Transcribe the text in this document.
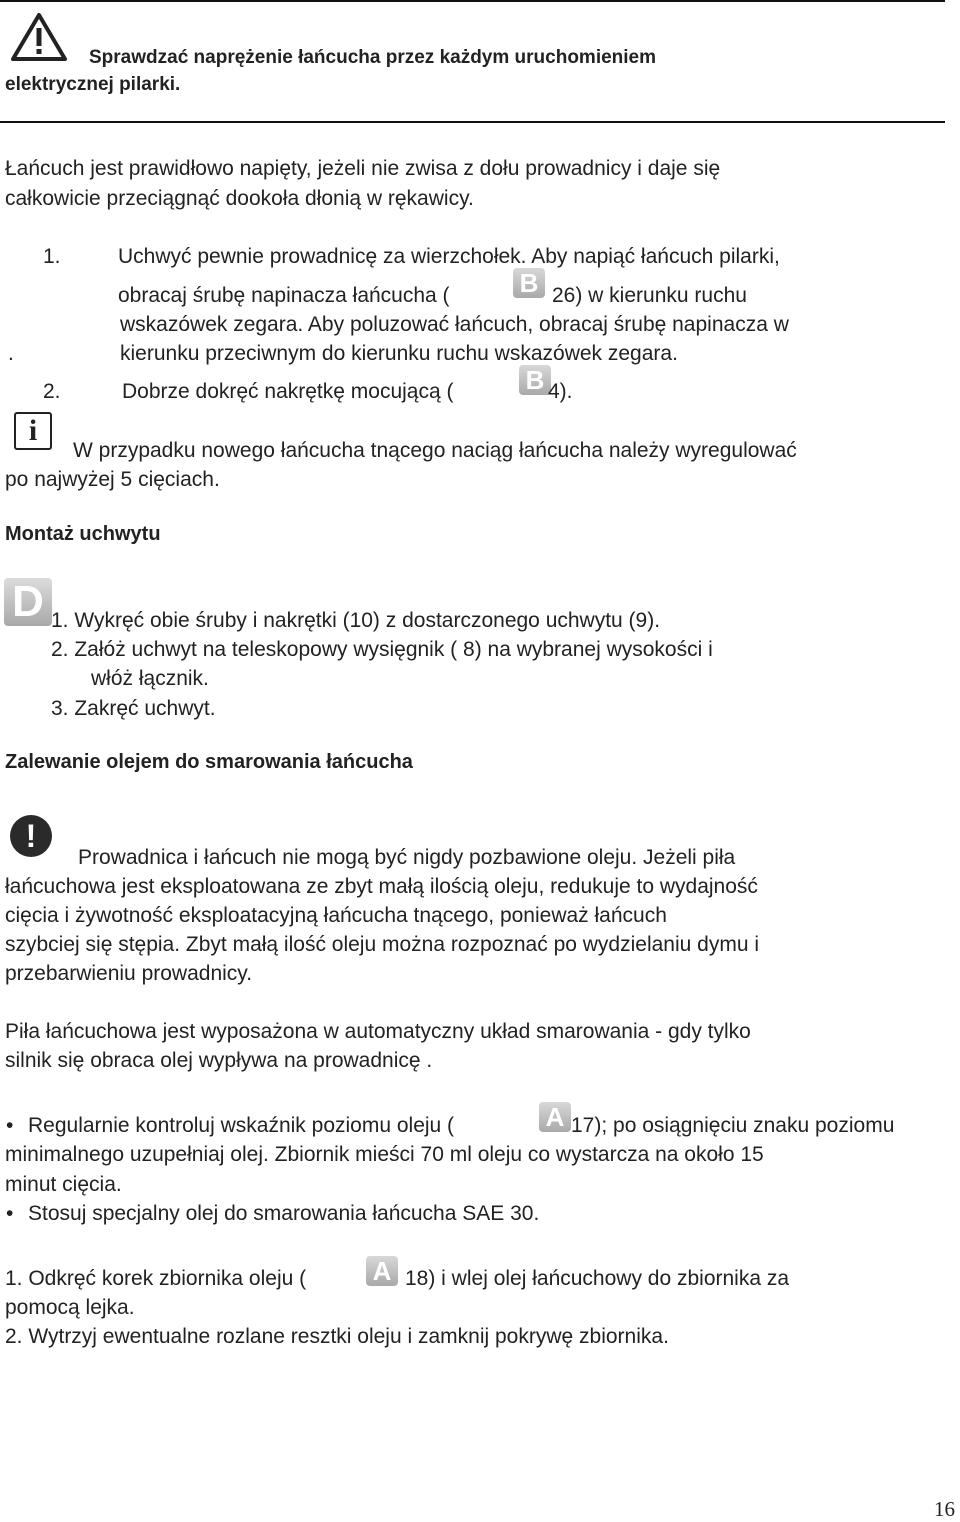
Sprawdzać naprężenie łańcucha przez każdym uruchomieniem
elektrycznej pilarki.
Łańcuch jest prawidłowo napięty, jeżeli nie zwisa z dołu prowadnicy i daje się
całkowicie przeciągnąć dookoła dłonią w rękawicy.
1.	Uchwyć pewnie prowadnicę za wierzchołek. Aby napiąć łańcuch pilarki,
obracaj śrubę napinacza łańcucha (	B 26) w kierunku ruchu
wskazówek zegara. Aby poluzować łańcuch, obracaj śrubę napinacza w
.	kierunku przeciwnym do kierunku ruchu wskazówek zegara.
2.	Dobrze dokręć nakrętkę mocującą (	B 4).
i
W przypadku nowego łańcucha tnącego naciąg łańcucha należy wyregulować
po najwyżej 5 cięciach.
Montaż uchwytu
D 1. Wykręć obie śruby i nakrętki (10) z dostarczonego uchwytu (9).
2. Załóż uchwyt na teleskopowy wysięgnik ( 8) na wybranej wysokości i
włóż łącznik.
3. Zakręć uchwyt.
Zalewanie olejem do smarowania łańcucha
!
Prowadnica i łańcuch nie mogą być nigdy pozbawione oleju. Jeżeli piła
łańcuchowa jest eksploatowana ze zbyt małą ilością oleju, redukuje to wydajność
cięcia i żywotność eksploatacyjną łańcucha tnącego, ponieważ łańcuch
szybciej się stępia. Zbyt małą ilość oleju można rozpoznać po wydzielaniu dymu i
przebarwieniu prowadnicy.
Piła łańcuchowa jest wyposażona w automatyczny układ smarowania - gdy tylko
silnik się obraca olej wypływa na prowadnicę .
• Regularnie kontroluj wskaźnik poziomu oleju (	A 17); po osiągnięciu znaku poziomu
minimalnego uzupełniaj olej. Zbiornik mieści 70 ml oleju co wystarcza na około 15
minut cięcia.
• Stosuj specjalny olej do smarowania łańcucha SAE 30.
1. Odkręć korek zbiornika oleju (	A 18) i wlej olej łańcuchowy do zbiornika za
pomocą lejka.
2. Wytrzyj ewentualne rozlane resztki oleju i zamknij pokrywę zbiornika.
16
